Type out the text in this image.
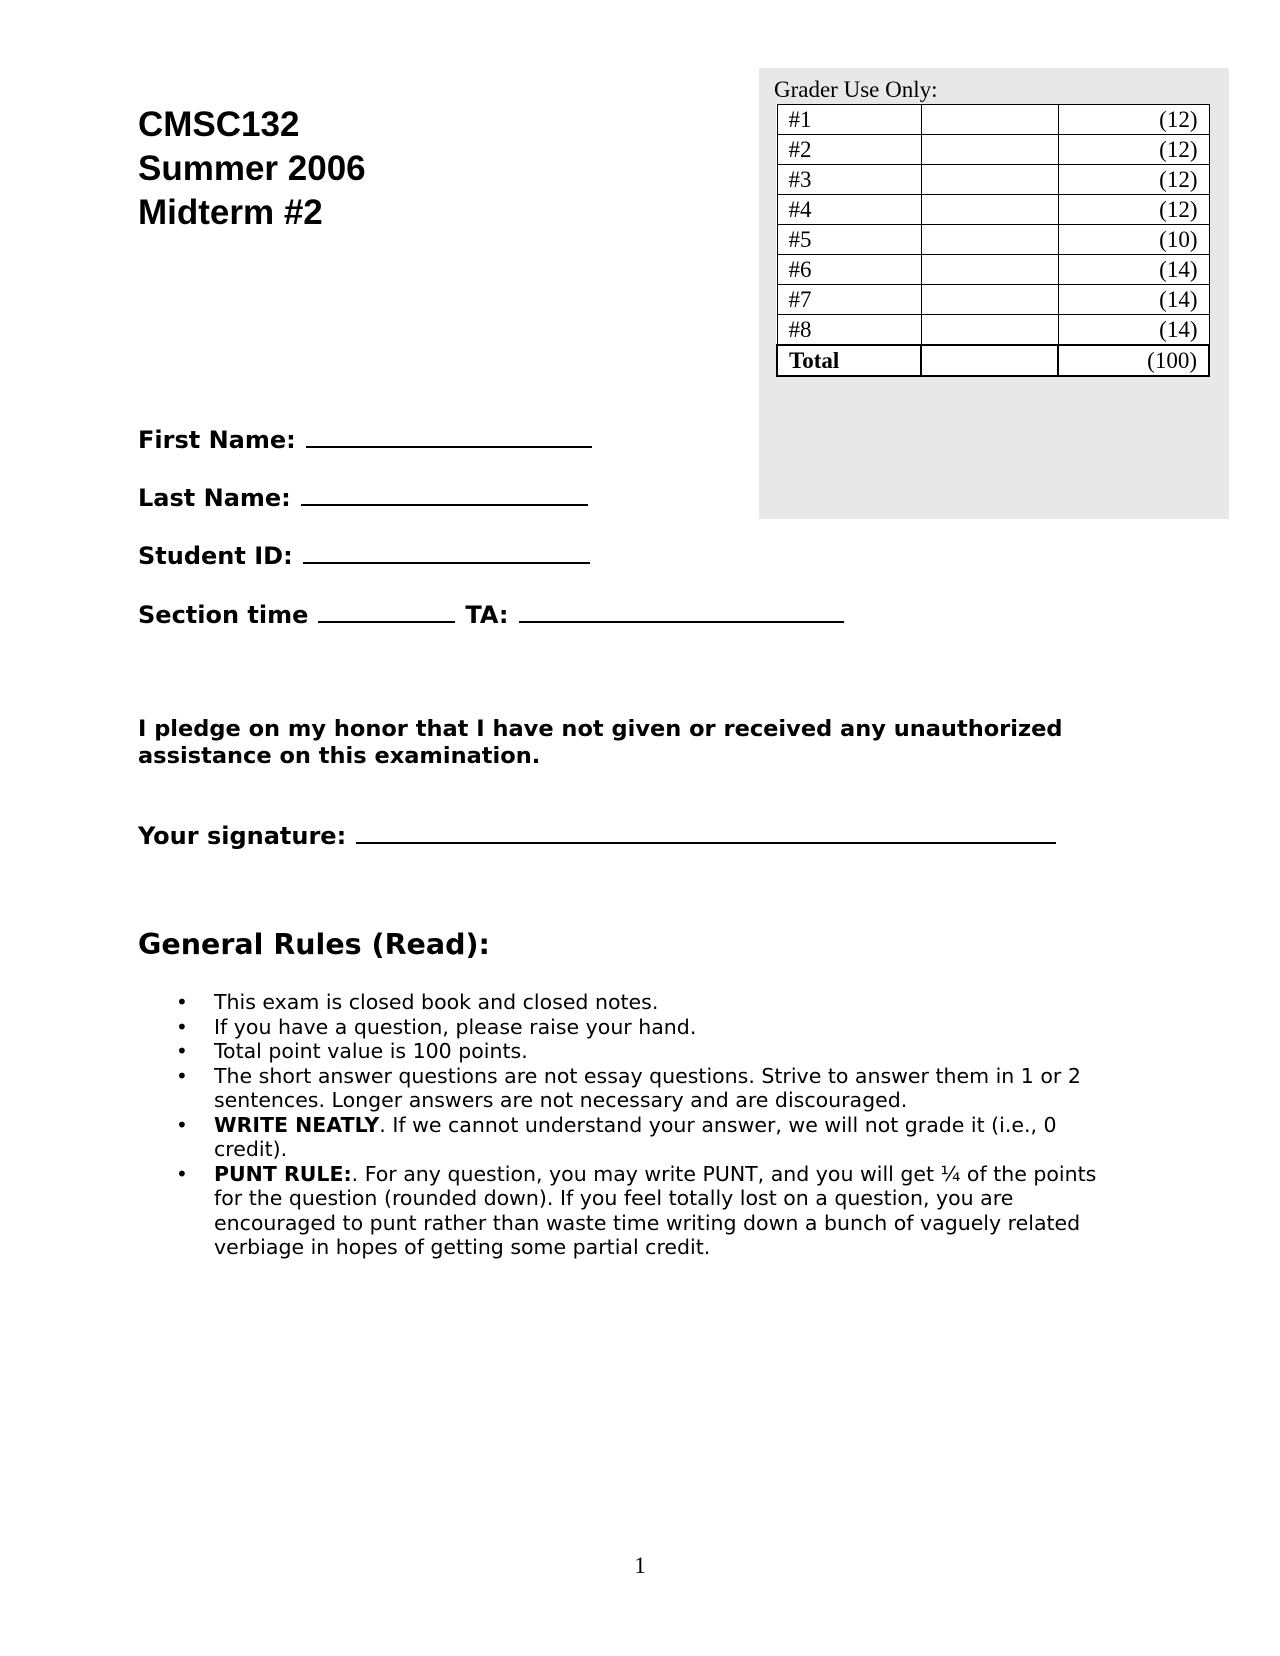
CMSC132

Summer 2006

Midterm #2

Grader Use Only:
#1		(12)
#2		(12)
#3		(12)
#4		(12)
#5		(10)
#6		(14)
#7		(14)
#8		(14)
Total		(100)
First Name:
Last Name:
Student ID:
Section time	TA:
I pledge on my honor that I have not given or received any unauthorized assistance on this examination.
Your signature:
General Rules (Read):
• This exam is closed book and closed notes.
• If you have a question, please raise your hand.
• Total point value is 100 points.
• The short answer questions are not essay questions. Strive to answer them in 1 or 2 sentences. Longer answers are not necessary and are discouraged.
• WRITE NEATLY. If we cannot understand your answer, we will not grade it (i.e., 0 credit).
• PUNT RULE:. For any question, you may write PUNT, and you will get ¼ of the points for the question (rounded down). If you feel totally lost on a question, you are encouraged to punt rather than waste time writing down a bunch of vaguely related verbiage in hopes of getting some partial credit.
1
